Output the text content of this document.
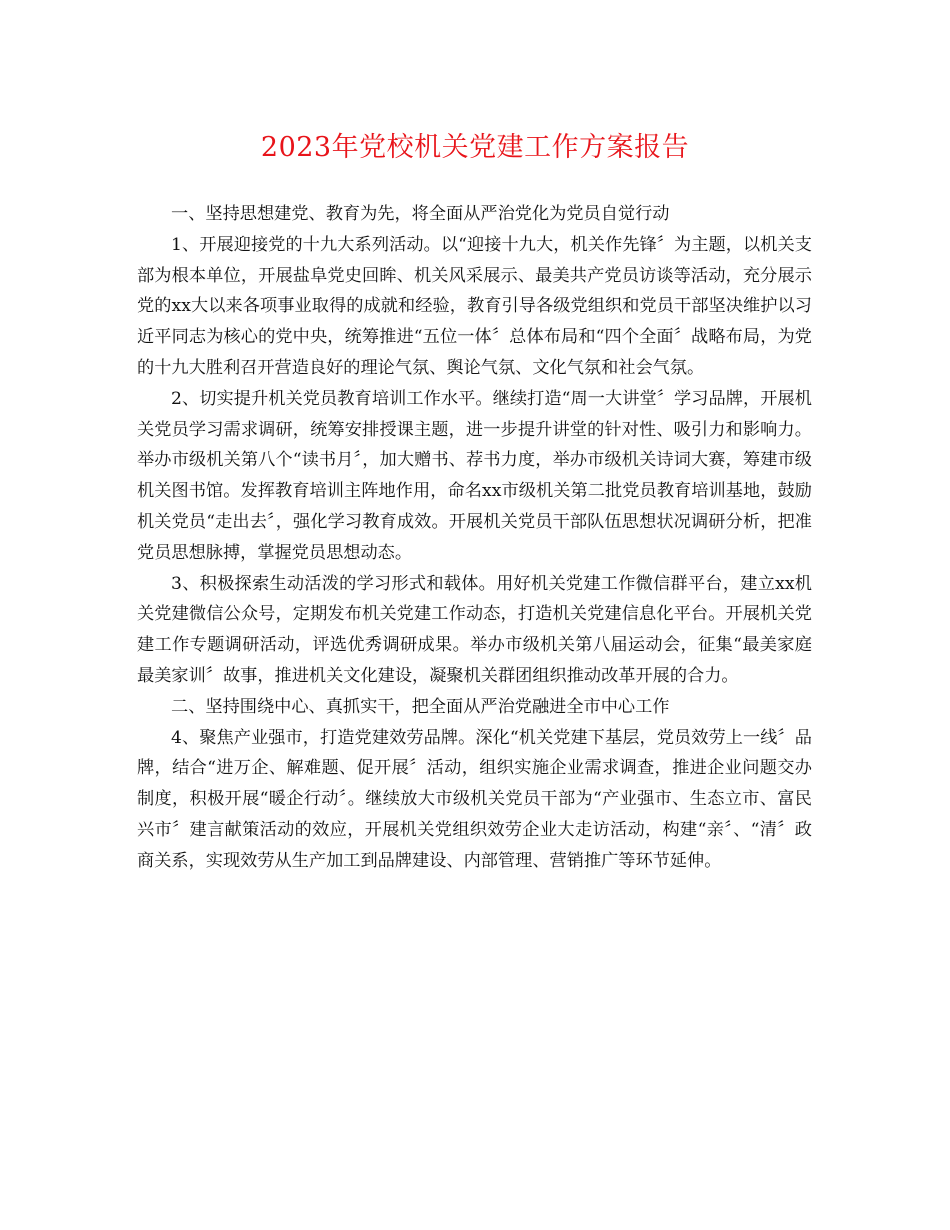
2023年党校机关党建工作方案报告

一、坚持思想建党、教育为先，将全面从严治党化为党员自觉行动

1、开展迎接党的十九大系列活动。以“迎接十九大，机关作先锋〞为主题，以机关支部为根本单位，开展盐阜党史回眸、机关风采展示、最美共产党员访谈等活动，充分展示党的xx大以来各项事业取得的成就和经验，教育引导各级党组织和党员干部坚决维护以习近平同志为核心的党中央，统筹推进“五位一体〞总体布局和“四个全面〞战略布局，为党的十九大胜利召开营造良好的理论气氛、舆论气氛、文化气氛和社会气氛。

2、切实提升机关党员教育培训工作水平。继续打造“周一大讲堂〞学习品牌，开展机关党员学习需求调研，统筹安排授课主题，进一步提升讲堂的针对性、吸引力和影响力。举办市级机关第八个“读书月〞，加大赠书、荐书力度，举办市级机关诗词大赛，筹建市级机关图书馆。发挥教育培训主阵地作用，命名xx市级机关第二批党员教育培训基地，鼓励机关党员“走出去〞，强化学习教育成效。开展机关党员干部队伍思想状况调研分析，把准党员思想脉搏，掌握党员思想动态。

3、积极探索生动活泼的学习形式和载体。用好机关党建工作微信群平台，建立xx机关党建微信公众号，定期发布机关党建工作动态，打造机关党建信息化平台。开展机关党建工作专题调研活动，评选优秀调研成果。举办市级机关第八届运动会，征集“最美家庭最美家训〞故事，推进机关文化建设，凝聚机关群团组织推动改革开展的合力。

二、坚持围绕中心、真抓实干，把全面从严治党融进全市中心工作

4、聚焦产业强市，打造党建效劳品牌。深化“机关党建下基层，党员效劳上一线〞品牌，结合“进万企、解难题、促开展〞活动，组织实施企业需求调查，推进企业问题交办制度，积极开展“暖企行动〞。继续放大市级机关党员干部为“产业强市、生态立市、富民兴市〞建言献策活动的效应，开展机关党组织效劳企业大走访活动，构建“亲〞、“清〞政商关系，实现效劳从生产加工到品牌建设、内部管理、营销推广等环节延伸。
